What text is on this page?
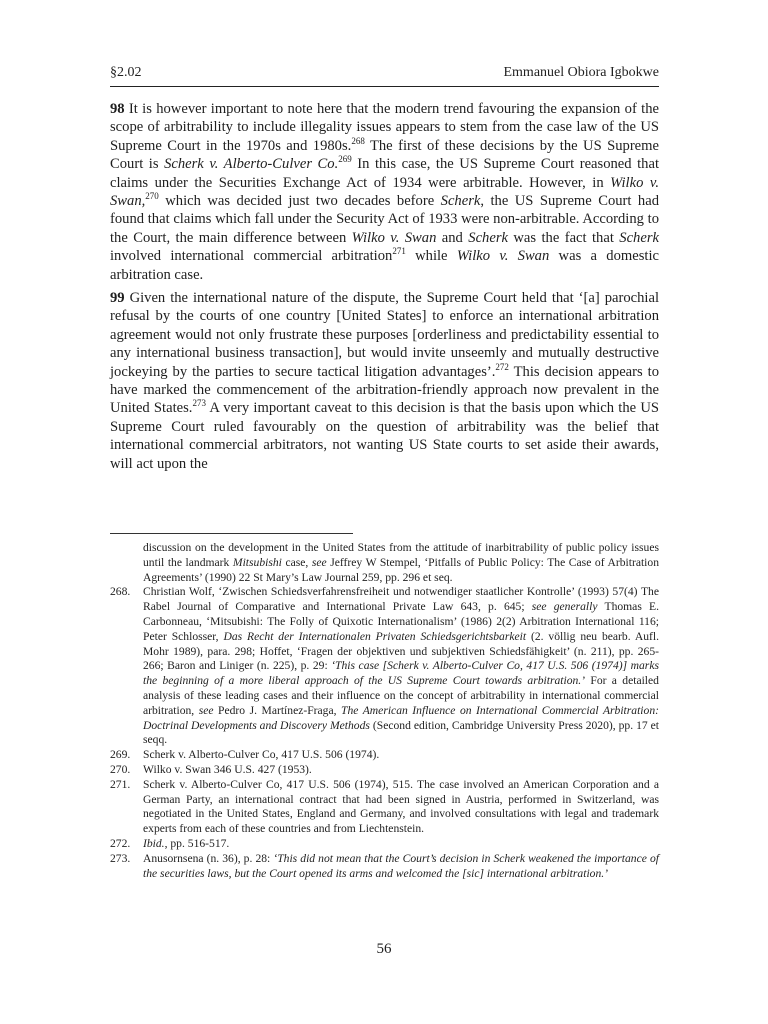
§2.02	Emmanuel Obiora Igbokwe
98 It is however important to note here that the modern trend favouring the expansion of the scope of arbitrability to include illegality issues appears to stem from the case law of the US Supreme Court in the 1970s and 1980s.$^{268}$ The first of these decisions by the US Supreme Court is Scherk v. Alberto-Culver Co.$^{269}$ In this case, the US Supreme Court reasoned that claims under the Securities Exchange Act of 1934 were arbitrable. However, in Wilko v. Swan,$^{270}$ which was decided just two decades before Scherk, the US Supreme Court had found that claims which fall under the Security Act of 1933 were non-arbitrable. According to the Court, the main difference between Wilko v. Swan and Scherk was the fact that Scherk involved international commercial arbitration$^{271}$ while Wilko v. Swan was a domestic arbitration case.
99 Given the international nature of the dispute, the Supreme Court held that ‘[a] parochial refusal by the courts of one country [United States] to enforce an international arbitration agreement would not only frustrate these purposes [orderliness and predictability essential to any international business transaction], but would invite unseemly and mutually destructive jockeying by the parties to secure tactical litigation advantages’.$^{272}$ This decision appears to have marked the commencement of the arbitration-friendly approach now prevalent in the United States.$^{273}$ A very important caveat to this decision is that the basis upon which the US Supreme Court ruled favourably on the question of arbitrability was the belief that international commercial arbitrators, not wanting US State courts to set aside their awards, will act upon the

discussion on the development in the United States from the attitude of inarbitrability of public policy issues until the landmark Mitsubishi case, see Jeffrey W Stempel, ‘Pitfalls of Public Policy: The Case of Arbitration Agreements’ (1990) 22 St Mary’s Law Journal 259, pp. 296 et seq.

268. Christian Wolf, ‘Zwischen Schiedsverfahrensfreiheit und notwendiger staatlicher Kontrolle’ (1993) 57(4) The Rabel Journal of Comparative and International Private Law 643, p. 645; see generally Thomas E. Carbonneau, ‘Mitsubishi: The Folly of Quixotic Internationalism’ (1986) 2(2) Arbitration International 116; Peter Schlosser, Das Recht der Internationalen Privaten Schiedsgerichtsbarkeit (2. völlig neu bearb. Aufl. Mohr 1989), para. 298; Hoffet, ‘Fragen der objektiven und subjektiven Schiedsfähigkeit’ (n. 211), pp. 265-266; Baron and Liniger (n. 225), p. 29: ‘This case [Scherk v. Alberto-Culver Co, 417 U.S. 506 (1974)] marks the beginning of a more liberal approach of the US Supreme Court towards arbitration.’ For a detailed analysis of these leading cases and their influence on the concept of arbitrability in international commercial arbitration, see Pedro J. Martínez-Fraga, The American Influence on International Commercial Arbitration: Doctrinal Developments and Discovery Methods (Second edition, Cambridge University Press 2020), pp. 17 et seqq.

269. Scherk v. Alberto-Culver Co, 417 U.S. 506 (1974).

270. Wilko v. Swan 346 U.S. 427 (1953).

271. Scherk v. Alberto-Culver Co, 417 U.S. 506 (1974), 515. The case involved an American Corporation and a German Party, an international contract that had been signed in Austria, performed in Switzerland, was negotiated in the United States, England and Germany, and involved consultations with legal and trademark experts from each of these countries and from Liechtenstein.

272. Ibid., pp. 516-517.

273. Anusornsena (n. 36), p. 28: ‘This did not mean that the Court’s decision in Scherk weakened the importance of the securities laws, but the Court opened its arms and welcomed the [sic] international arbitration.’

56
